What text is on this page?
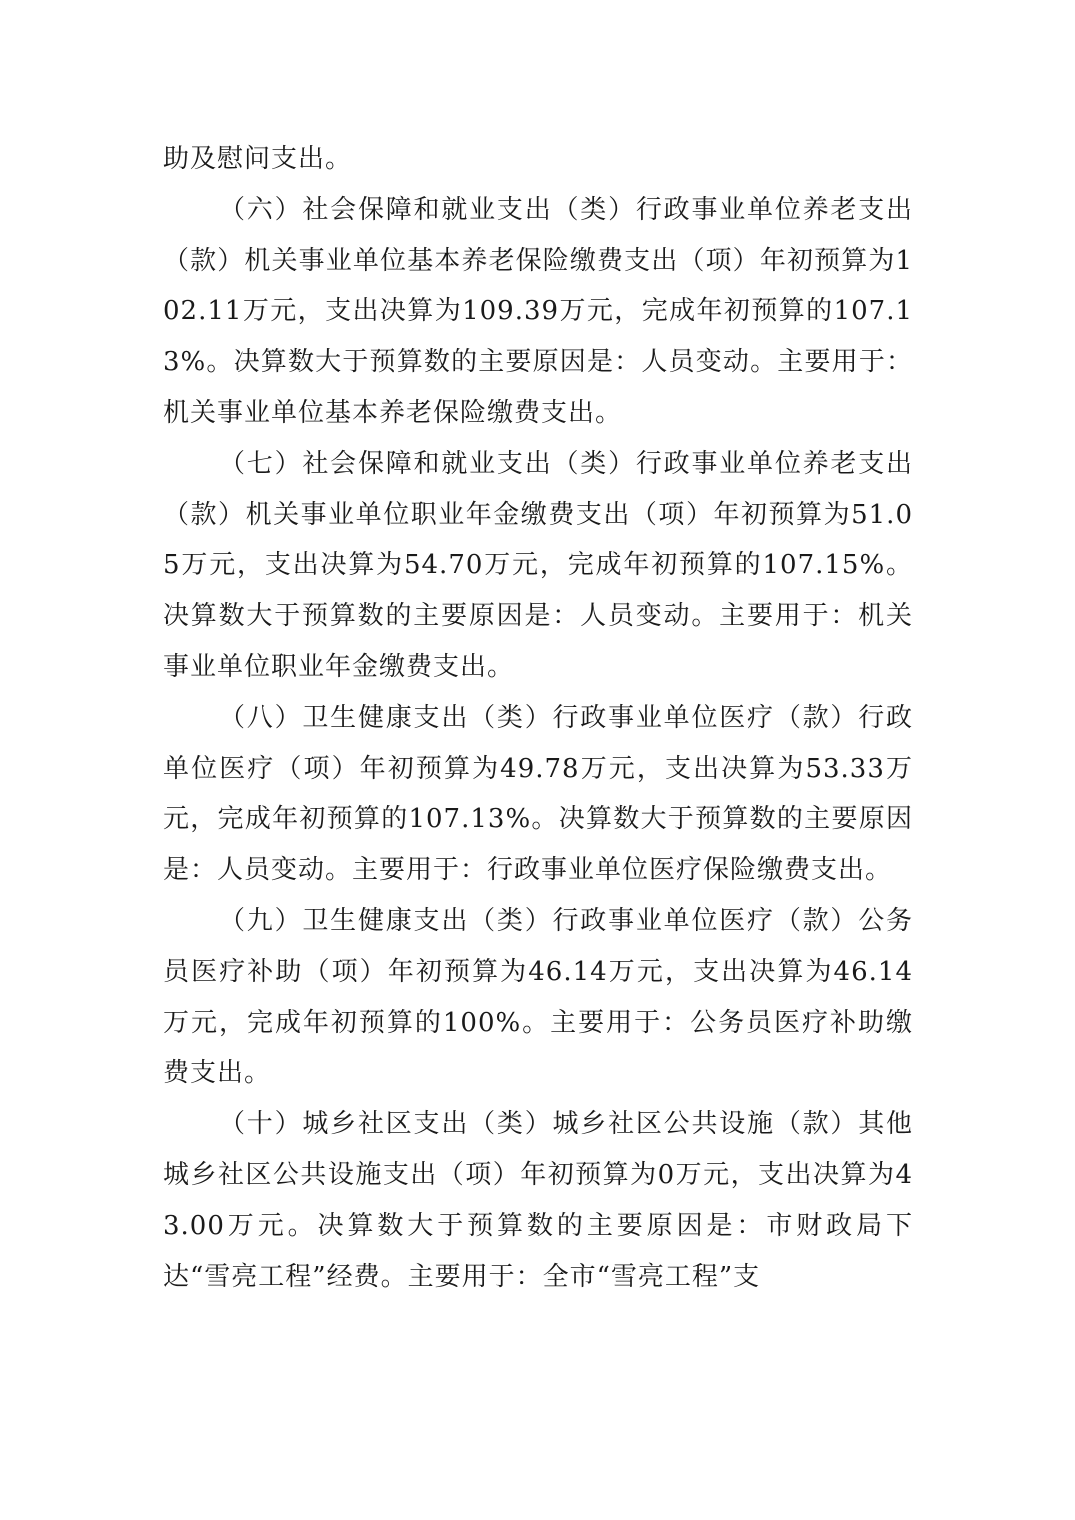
助及慰问支出。

（六）社会保障和就业支出（类）行政事业单位养老支出（款）机关事业单位基本养老保险缴费支出（项）年初预算为102.11万元，支出决算为109.39万元，完成年初预算的107.13%。决算数大于预算数的主要原因是：人员变动。主要用于：机关事业单位基本养老保险缴费支出。

（七）社会保障和就业支出（类）行政事业单位养老支出（款）机关事业单位职业年金缴费支出（项）年初预算为51.05万元，支出决算为54.70万元，完成年初预算的107.15%。决算数大于预算数的主要原因是：人员变动。主要用于：机关事业单位职业年金缴费支出。

（八）卫生健康支出（类）行政事业单位医疗（款）行政单位医疗（项）年初预算为49.78万元，支出决算为53.33万元，完成年初预算的107.13%。决算数大于预算数的主要原因是：人员变动。主要用于：行政事业单位医疗保险缴费支出。

（九）卫生健康支出（类）行政事业单位医疗（款）公务员医疗补助（项）年初预算为46.14万元，支出决算为46.14万元，完成年初预算的100%。主要用于：公务员医疗补助缴费支出。

（十）城乡社区支出（类）城乡社区公共设施（款）其他城乡社区公共设施支出（项）年初预算为0万元，支出决算为43.00万元。决算数大于预算数的主要原因是：市财政局下达“雪亮工程”经费。主要用于：全市“雪亮工程”支
